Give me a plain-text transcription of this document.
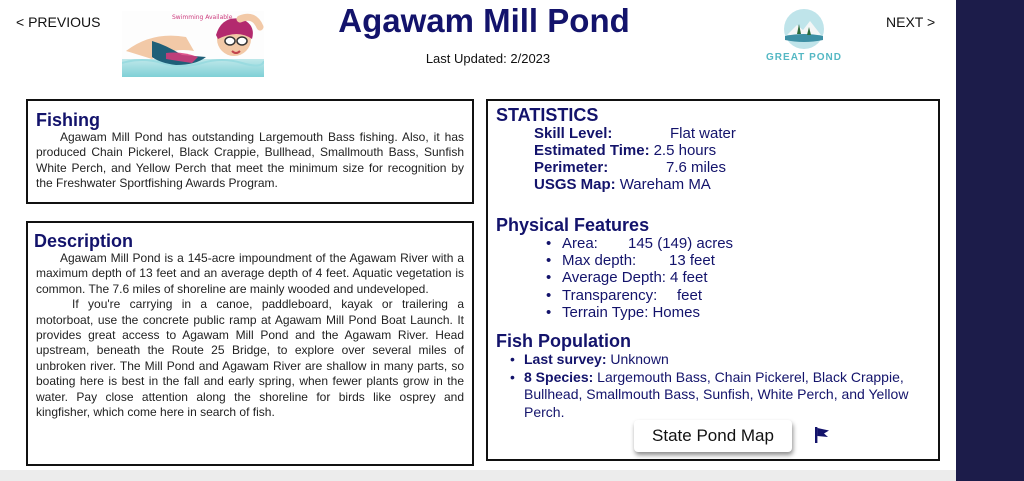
< PREVIOUS	NEXT >
Swimming Available	Agawam Mill Pond
Last Updated: 2/2023	GREAT POND
Fishing

Agawam Mill Pond has outstanding Largemouth Bass fishing. Also, it has produced Chain Pickerel, Black Crappie, Bullhead, Smallmouth Bass, Sunfish White Perch, and Yellow Perch that meet the minimum size for recognition by the Freshwater Sportfishing Awards Program.

Description

Agawam Mill Pond is a 145-acre impoundment of the Agawam River with a maximum depth of 13 feet and an average depth of 4 feet. Aquatic vegetation is common. The 7.6 miles of shoreline are mainly wooded and undeveloped.

If you're carrying in a canoe, paddleboard, kayak or trailering a motorboat, use the concrete public ramp at Agawam Mill Pond Boat Launch. It provides great access to Agawam Mill Pond and the Agawam River. Head upstream, beneath the Route 25 Bridge, to explore over several miles of unbroken river. The Mill Pond and Agawam River are shallow in many parts, so boating here is best in the fall and early spring, when fewer plants grow in the water. Pay close attention along the shoreline for birds like osprey and kingfisher, which come here in search of fish.

STATISTICS
Skill Level:	Flat water
Estimated Time: 2.5 hours
Perimeter:	7.6 miles
USGS Map: Wareham MA
Physical Features
• Area:	145 (149) acres
• Max depth:	13 feet
• Average Depth: 4 feet
• Transparency:	feet
• Terrain Type: Homes
Fish Population
• Last survey: Unknown
• 8 Species: Largemouth Bass, Chain Pickerel, Black Crappie, Bullhead, Smallmouth Bass, Sunfish, White Perch, and Yellow Perch.
State Pond Map
